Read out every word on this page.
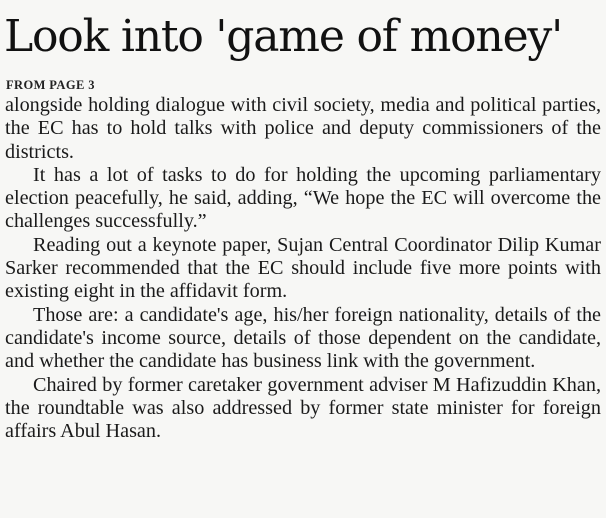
Look into 'game of money'
FROM PAGE 3

alongside holding dialogue with civil society, media and political parties, the EC has to hold talks with police and deputy commissioners of the districts.

It has a lot of tasks to do for holding the upcoming parliamentary election peacefully, he said, adding, “We hope the EC will overcome the challenges successfully.”

Reading out a keynote paper, Sujan Central Coordinator Dilip Kumar Sarker recommended that the EC should include five more points with existing eight in the affidavit form.

Those are: a candidate's age, his/her foreign nationality, details of the candidate's income source, details of those dependent on the candidate, and whether the candidate has business link with the government.

Chaired by former caretaker government adviser M Hafizuddin Khan, the roundtable was also addressed by former state minister for foreign affairs Abul Hasan.
